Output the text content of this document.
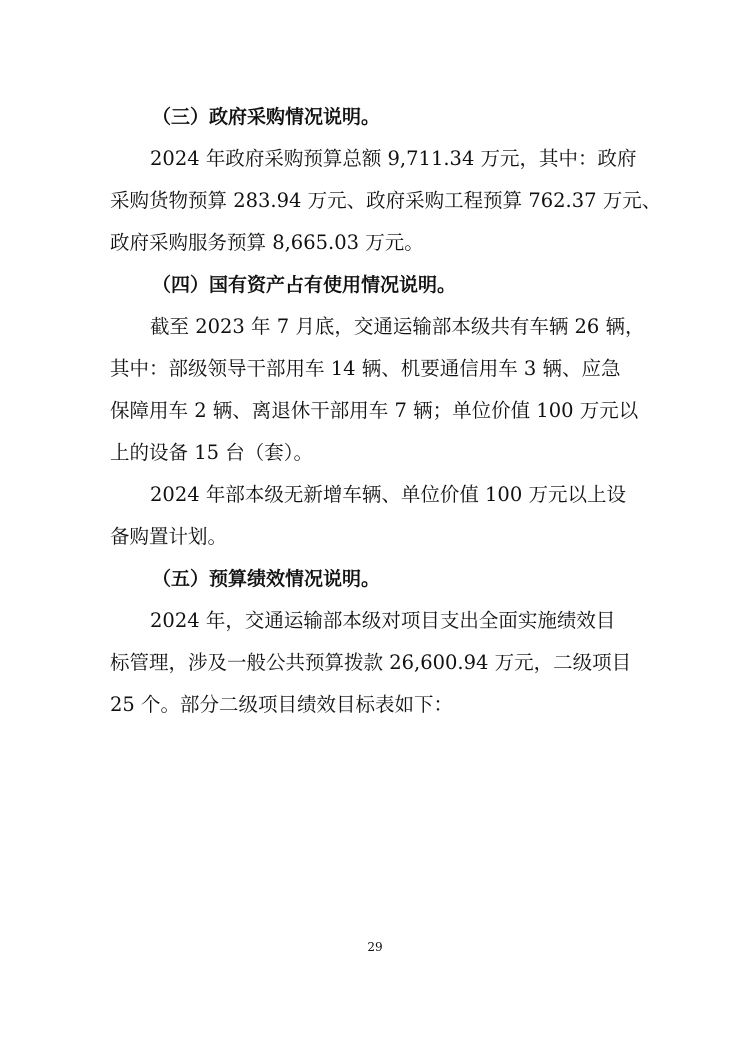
（三）政府采购情况说明。

2024 年政府采购预算总额 9,711.34 万元，其中：政府
采购货物预算 283.94 万元、政府采购工程预算 762.37 万元、
政府采购服务预算 8,665.03 万元。

（四）国有资产占有使用情况说明。

截至 2023 年 7 月底，交通运输部本级共有车辆 26 辆，
其中：部级领导干部用车 14 辆、机要通信用车 3 辆、应急
保障用车 2 辆、离退休干部用车 7 辆；单位价值 100 万元以
上的设备 15 台（套）。

2024 年部本级无新增车辆、单位价值 100 万元以上设
备购置计划。

（五）预算绩效情况说明。

2024 年，交通运输部本级对项目支出全面实施绩效目
标管理，涉及一般公共预算拨款 26,600.94 万元，二级项目
25 个。部分二级项目绩效目标表如下：

29
